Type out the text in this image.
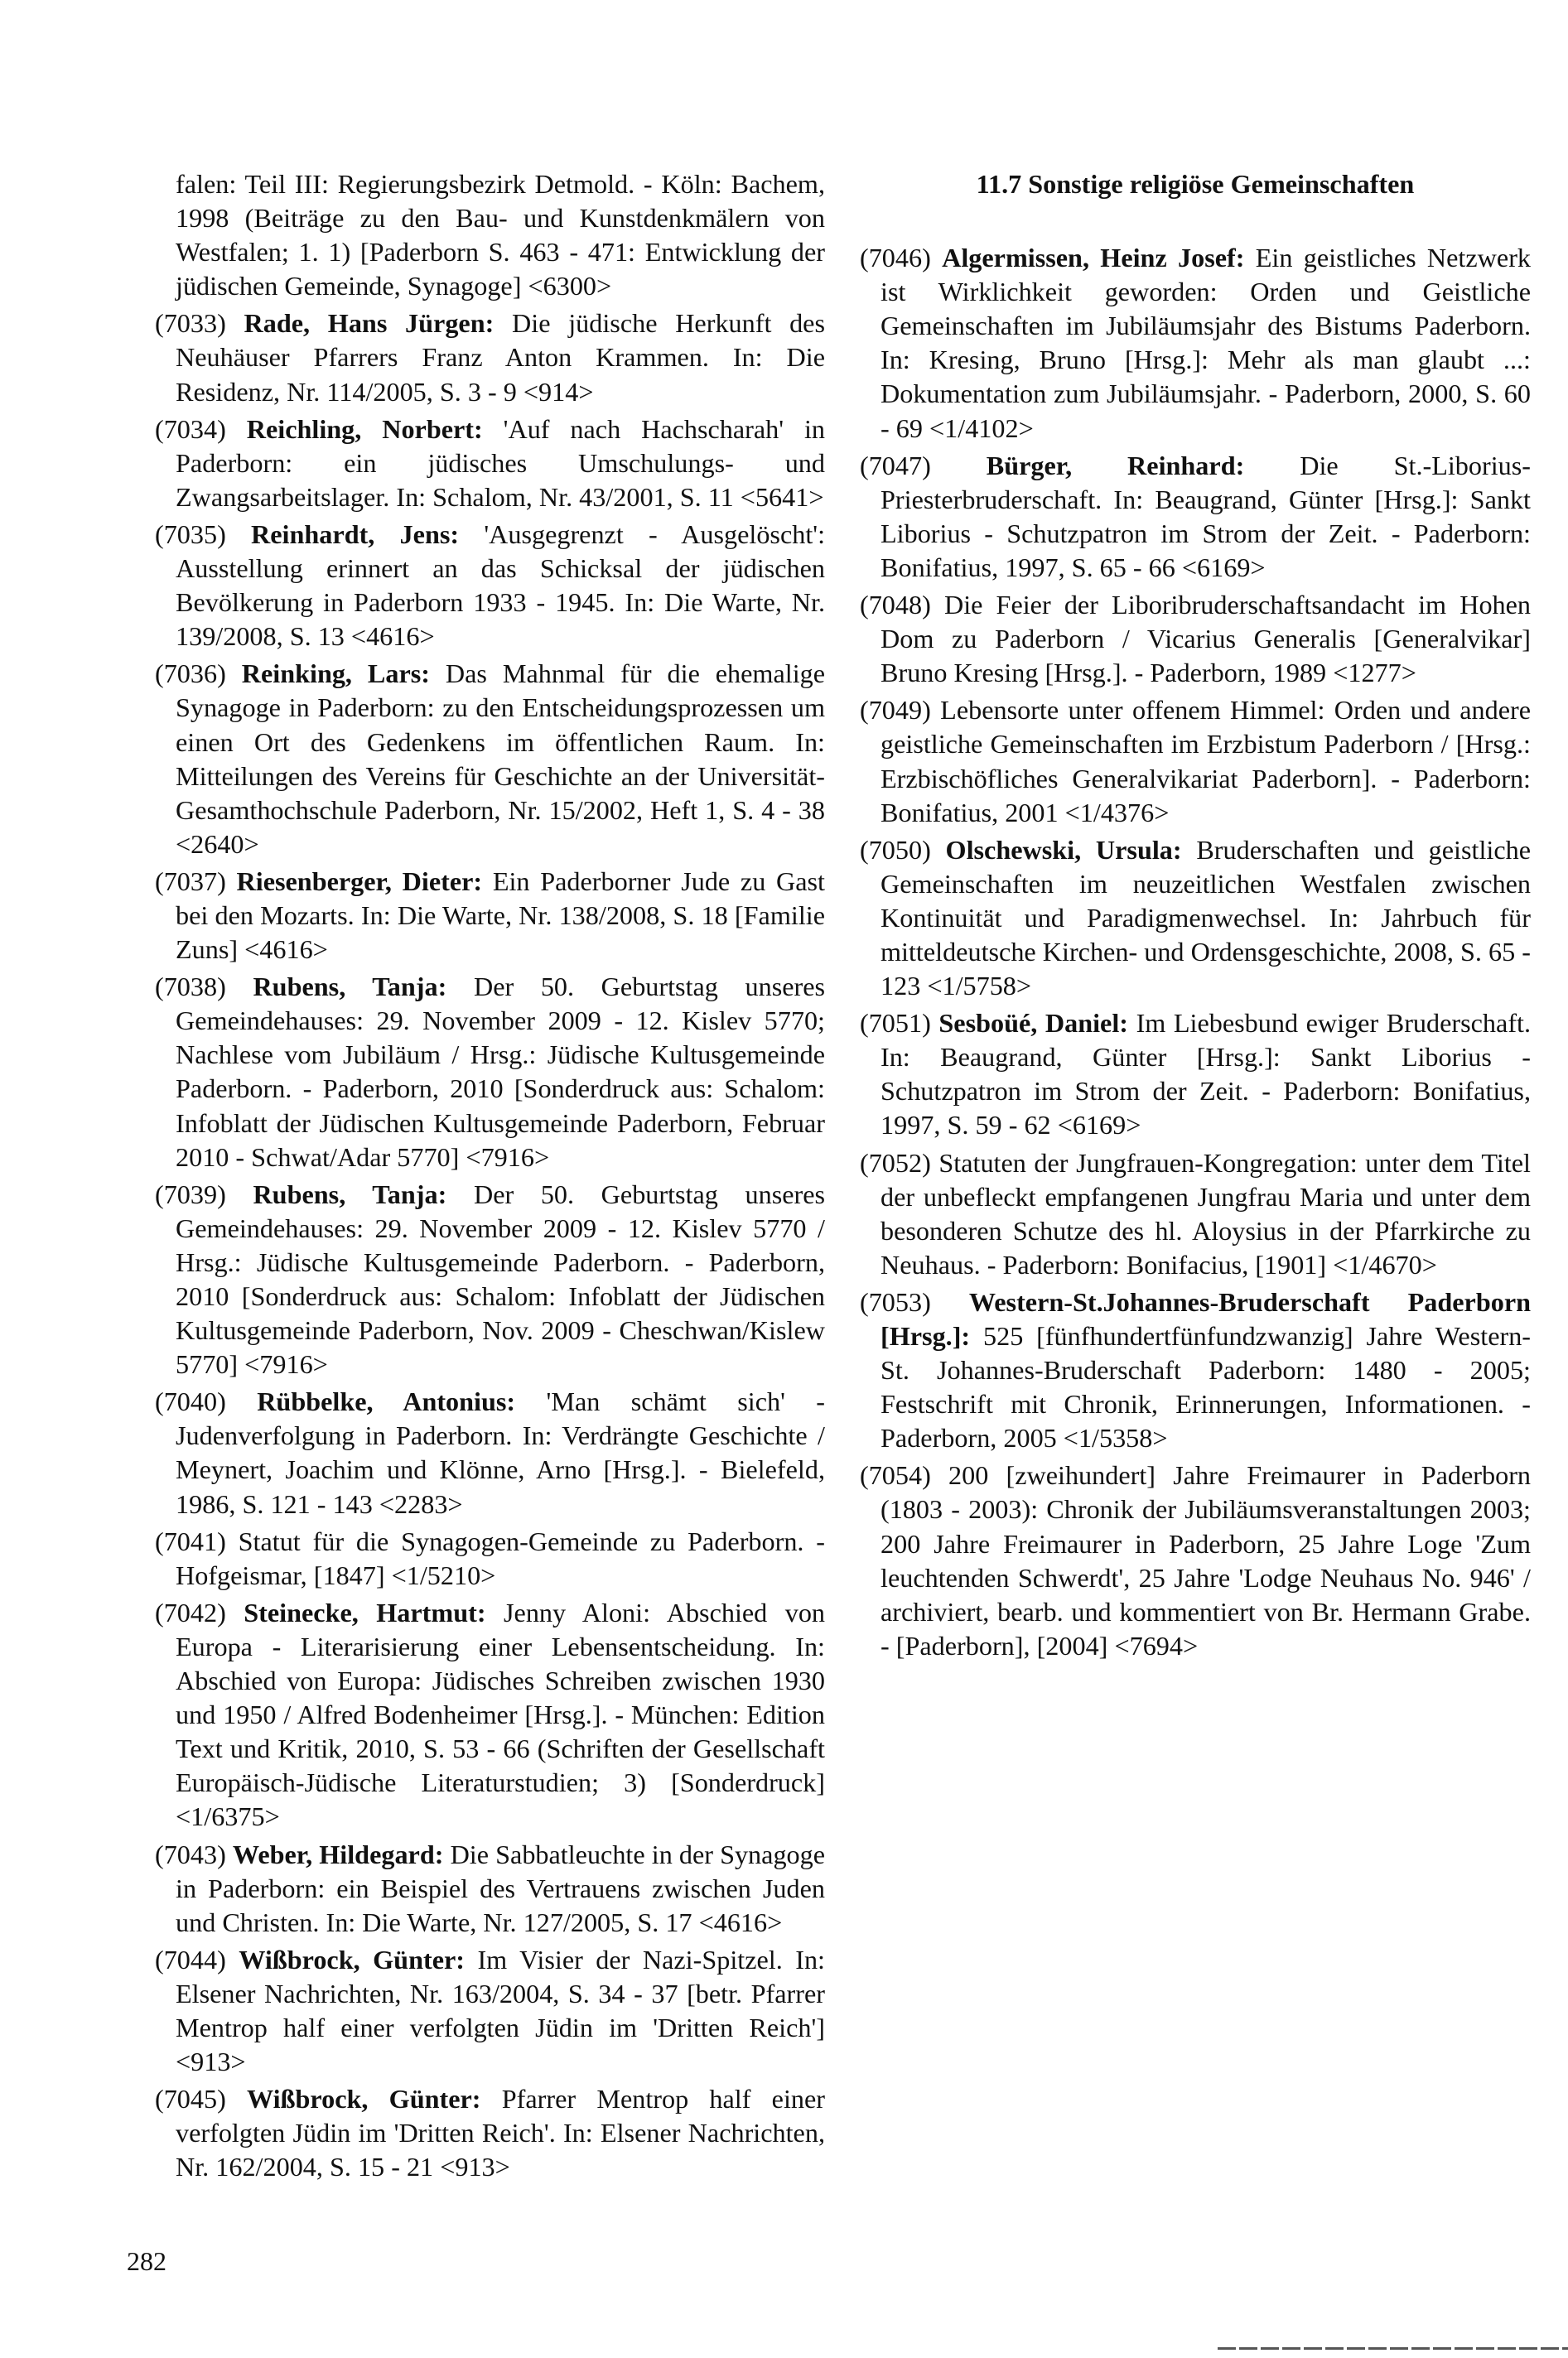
falen: Teil III: Regierungsbezirk Detmold. - Köln: Bachem, 1998 (Beiträge zu den Bau- und Kunstdenkmälern von Westfalen; 1. 1) [Paderborn S. 463 - 471: Entwicklung der jüdischen Gemeinde, Synagoge] <6300>
(7033) Rade, Hans Jürgen: Die jüdische Herkunft des Neuhäuser Pfarrers Franz Anton Krammen. In: Die Residenz, Nr. 114/2005, S. 3 - 9 <914>
(7034) Reichling, Norbert: 'Auf nach Hachscharah' in Paderborn: ein jüdisches Umschulungs- und Zwangsarbeitslager. In: Schalom, Nr. 43/2001, S. 11 <5641>
(7035) Reinhardt, Jens: 'Ausgegrenzt - Ausgelöscht': Ausstellung erinnert an das Schicksal der jüdischen Bevölkerung in Paderborn 1933 - 1945. In: Die Warte, Nr. 139/2008, S. 13 <4616>
(7036) Reinking, Lars: Das Mahnmal für die ehemalige Synagoge in Paderborn: zu den Entscheidungsprozessen um einen Ort des Gedenkens im öffentlichen Raum. In: Mitteilungen des Vereins für Geschichte an der Universität-Gesamthochschule Paderborn, Nr. 15/2002, Heft 1, S. 4 - 38 <2640>
(7037) Riesenberger, Dieter: Ein Paderborner Jude zu Gast bei den Mozarts. In: Die Warte, Nr. 138/2008, S. 18 [Familie Zuns] <4616>
(7038) Rubens, Tanja: Der 50. Geburtstag unseres Gemeindehauses: 29. November 2009 - 12. Kislev 5770; Nachlese vom Jubiläum / Hrsg.: Jüdische Kultusgemeinde Paderborn. - Paderborn, 2010 [Sonderdruck aus: Schalom: Infoblatt der Jüdischen Kultusgemeinde Paderborn, Februar 2010 - Schwat/Adar 5770] <7916>
(7039) Rubens, Tanja: Der 50. Geburtstag unseres Gemeindehauses: 29. November 2009 - 12. Kislev 5770 / Hrsg.: Jüdische Kultusgemeinde Paderborn. - Paderborn, 2010 [Sonderdruck aus: Schalom: Infoblatt der Jüdischen Kultusgemeinde Paderborn, Nov. 2009 - Cheschwan/Kislew 5770] <7916>
(7040) Rübbelke, Antonius: 'Man schämt sich' - Judenverfolgung in Paderborn. In: Verdrängte Geschichte / Meynert, Joachim und Klönne, Arno [Hrsg.]. - Bielefeld, 1986, S. 121 - 143 <2283>
(7041) Statut für die Synagogen-Gemeinde zu Paderborn. - Hofgeismar, [1847] <1/5210>
(7042) Steinecke, Hartmut: Jenny Aloni: Abschied von Europa - Literarisierung einer Lebensentscheidung. In: Abschied von Europa: Jüdisches Schreiben zwischen 1930 und 1950 / Alfred Bodenheimer [Hrsg.]. - München: Edition Text und Kritik, 2010, S. 53 - 66 (Schriften der Gesellschaft Europäisch-Jüdische Literaturstudien; 3) [Sonderdruck] <1/6375>
(7043) Weber, Hildegard: Die Sabbatleuchte in der Synagoge in Paderborn: ein Beispiel des Vertrauens zwischen Juden und Christen. In: Die Warte, Nr. 127/2005, S. 17 <4616>
(7044) Wißbrock, Günter: Im Visier der Nazi-Spitzel. In: Elsener Nachrichten, Nr. 163/2004, S. 34 - 37 [betr. Pfarrer Mentrop half einer verfolgten Jüdin im 'Dritten Reich'] <913>
(7045) Wißbrock, Günter: Pfarrer Mentrop half einer verfolgten Jüdin im 'Dritten Reich'. In: Elsener Nachrichten, Nr. 162/2004, S. 15 - 21 <913>
11.7 Sonstige religiöse Gemeinschaften
(7046) Algermissen, Heinz Josef: Ein geistliches Netzwerk ist Wirklichkeit geworden: Orden und Geistliche Gemeinschaften im Jubiläumsjahr des Bistums Paderborn. In: Kresing, Bruno [Hrsg.]: Mehr als man glaubt ...: Dokumentation zum Jubiläumsjahr. - Paderborn, 2000, S. 60 - 69 <1/4102>
(7047) Bürger, Reinhard: Die St.-Liborius-Priesterbruderschaft. In: Beaugrand, Günter [Hrsg.]: Sankt Liborius - Schutzpatron im Strom der Zeit. - Paderborn: Bonifatius, 1997, S. 65 - 66 <6169>
(7048) Die Feier der Liboribruderschaftsandacht im Hohen Dom zu Paderborn / Vicarius Generalis [Generalvikar] Bruno Kresing [Hrsg.]. - Paderborn, 1989 <1277>
(7049) Lebensorte unter offenem Himmel: Orden und andere geistliche Gemeinschaften im Erzbistum Paderborn / [Hrsg.: Erzbischöfliches Generalvikariat Paderborn]. - Paderborn: Bonifatius, 2001 <1/4376>
(7050) Olschewski, Ursula: Bruderschaften und geistliche Gemeinschaften im neuzeitlichen Westfalen zwischen Kontinuität und Paradigmenwechsel. In: Jahrbuch für mitteldeutsche Kirchen- und Ordensgeschichte, 2008, S. 65 - 123 <1/5758>
(7051) Sesboüé, Daniel: Im Liebesbund ewiger Bruderschaft. In: Beaugrand, Günter [Hrsg.]: Sankt Liborius - Schutzpatron im Strom der Zeit. - Paderborn: Bonifatius, 1997, S. 59 - 62 <6169>
(7052) Statuten der Jungfrauen-Kongregation: unter dem Titel der unbefleckt empfangenen Jungfrau Maria und unter dem besonderen Schutze des hl. Aloysius in der Pfarrkirche zu Neuhaus. - Paderborn: Bonifacius, [1901] <1/4670>
(7053) Western-St.Johannes-Bruderschaft Paderborn [Hrsg.]: 525 [fünfhundertfünfundzwanzig] Jahre Western-St. Johannes-Bruderschaft Paderborn: 1480 - 2005; Festschrift mit Chronik, Erinnerungen, Informationen. - Paderborn, 2005 <1/5358>
(7054) 200 [zweihundert] Jahre Freimaurer in Paderborn (1803 - 2003): Chronik der Jubiläumsveranstaltungen 2003; 200 Jahre Freimaurer in Paderborn, 25 Jahre Loge 'Zum leuchtenden Schwerdt', 25 Jahre 'Lodge Neuhaus No. 946' / archiviert, bearb. und kommentiert von Br. Hermann Grabe. - [Paderborn], [2004] <7694>
282
